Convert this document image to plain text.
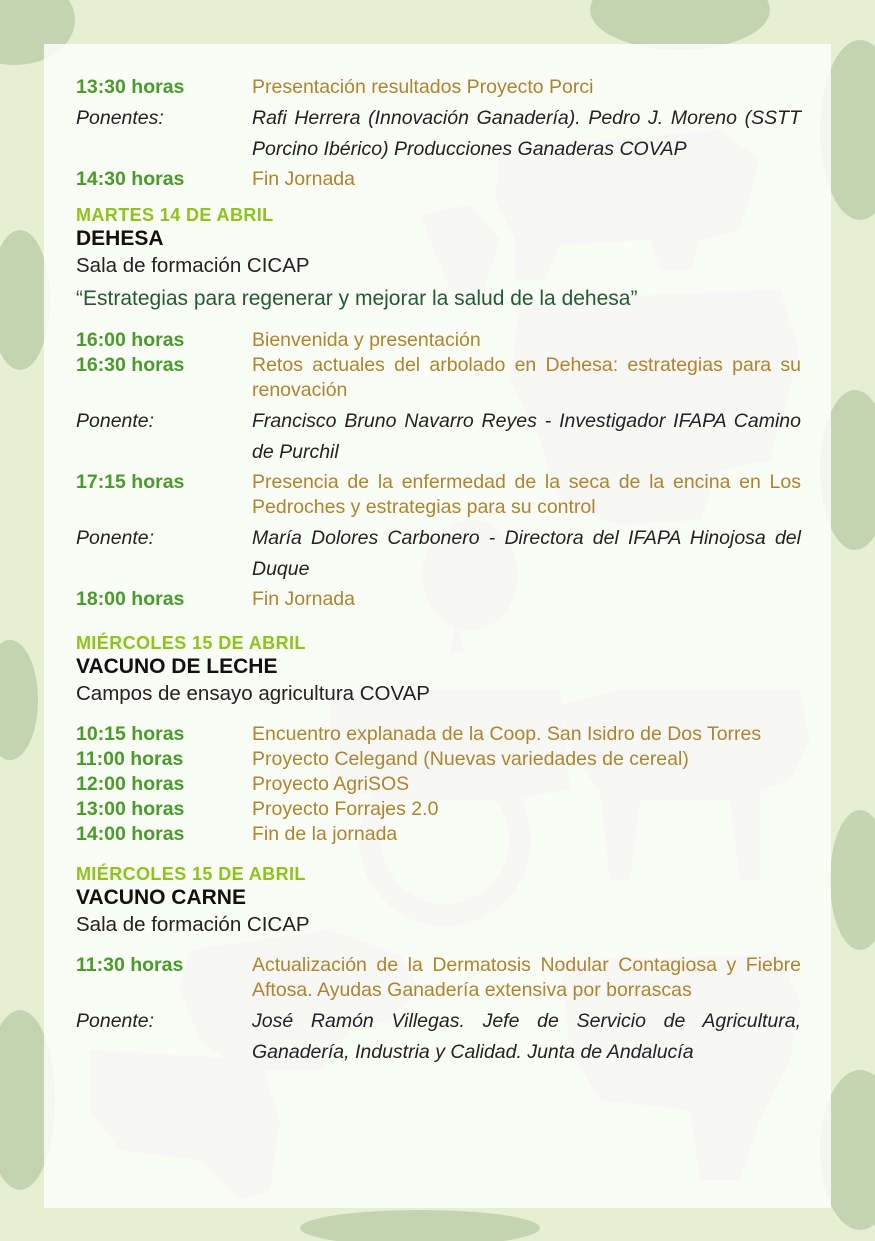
13:30 horas	Presentación resultados Proyecto Porci
Ponentes:	Rafi Herrera (Innovación Ganadería). Pedro J. Moreno (SSTT Porcino Ibérico) Producciones Ganaderas COVAP
14:30 horas	Fin Jornada
MARTES 14 DE ABRIL
DEHESA
Sala de formación CICAP
“Estrategias para regenerar y mejorar la salud de la dehesa”
16:00 horas	Bienvenida y presentación
16:30 horas	Retos actuales del arbolado en Dehesa: estrategias para su renovación
Ponente:	Francisco Bruno Navarro Reyes - Investigador IFAPA Camino de Purchil
17:15 horas	Presencia de la enfermedad de la seca de la encina en Los Pedroches y estrategias para su control
Ponente:	María Dolores Carbonero - Directora del IFAPA Hinojosa del Duque
18:00 horas	Fin Jornada
MIÉRCOLES 15 DE ABRIL
VACUNO DE LECHE
Campos de ensayo agricultura COVAP
10:15 horas	Encuentro explanada de la Coop. San Isidro de Dos Torres
11:00 horas	Proyecto Celegand (Nuevas variedades de cereal)
12:00 horas	Proyecto AgriSOS
13:00 horas	Proyecto Forrajes 2.0
14:00 horas	Fin de la jornada
MIÉRCOLES 15 DE ABRIL
VACUNO CARNE
Sala de formación CICAP
11:30 horas	Actualización de la Dermatosis Nodular Contagiosa y Fiebre Aftosa. Ayudas Ganadería extensiva por borrascas
Ponente:	José Ramón Villegas. Jefe de Servicio de Agricultura, Ganadería, Industria y Calidad. Junta de Andalucía
